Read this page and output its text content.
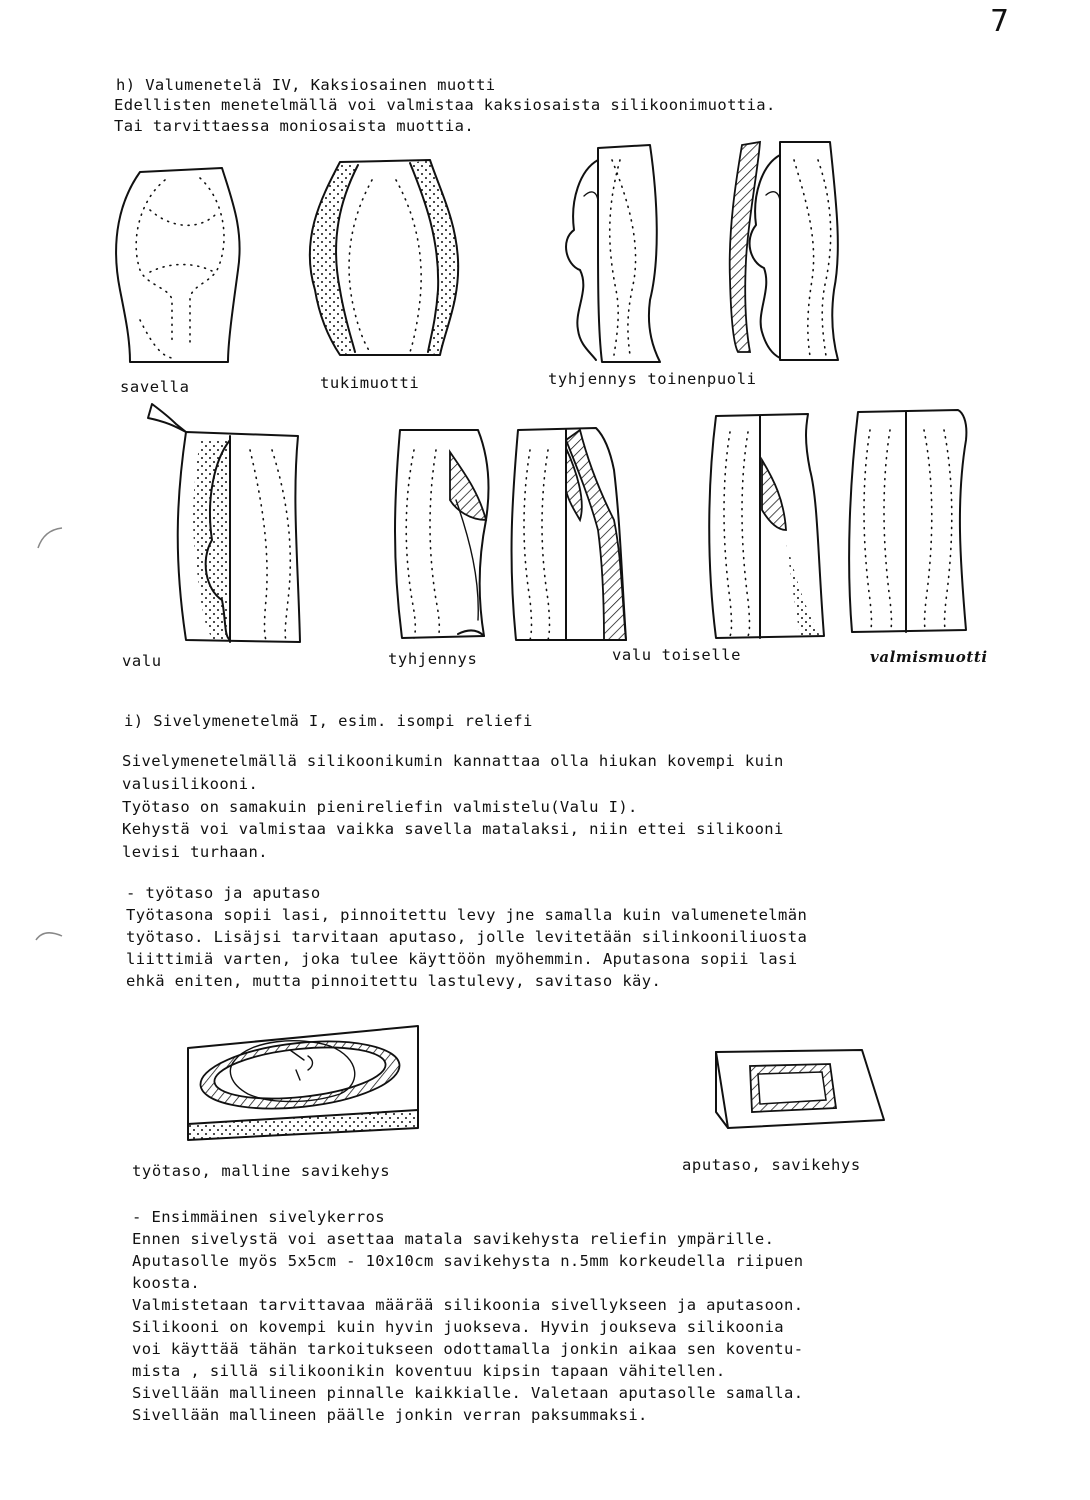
7
h) Valumenetelä IV, Kaksiosainen muotti
Edellisten menetelmällä voi valmistaa kaksiosaista silikoonimuottia.
Tai tarvittaessa moniosaista muottia.
savella	tukimuotti	tyhjennys toinenpuoli
valu	tyhjennys	valu toiselle	valmismuotti
i) Sivelymenetelmä I, esim. isompi reliefi
Sivelymenetelmällä silikoonikumin kannattaa olla hiukan kovempi kuin
valusilikooni.
Työtaso on samakuin pienireliefin valmistelu(Valu I).
Kehystä voi valmistaa vaikka savella matalaksi, niin ettei silikooni
levisi turhaan.
- työtaso ja aputaso
Työtasona sopii lasi, pinnoitettu levy jne samalla kuin valumenetelmän
työtaso. Lisäjsi tarvitaan aputaso, jolle levitetään silinkooniliuosta
liittimiä varten, joka tulee käyttöön myöhemmin. Aputasona sopii lasi
ehkä eniten, mutta pinnoitettu lastulevy, savitaso käy.
työtaso, malline savikehys	aputaso, savikehys
- Ensimmäinen sivelykerros
Ennen sivelystä voi asettaa matala savikehysta reliefin ympärille.
Aputasolle myös 5x5cm - 10x10cm savikehysta n.5mm korkeudella riipuen
koosta.
Valmistetaan tarvittavaa määrää silikoonia sivellykseen ja aputasoon.
Silikooni on kovempi kuin hyvin juokseva. Hyvin joukseva silikoonia
voi käyttää tähän tarkoitukseen odottamalla jonkin aikaa sen koventu-
mista , sillä silikoonikin koventuu kipsin tapaan vähitellen.
Sivellään mallineen pinnalle kaikkialle. Valetaan aputasolle samalla.
Sivellään mallineen päälle jonkin verran paksummaksi.
